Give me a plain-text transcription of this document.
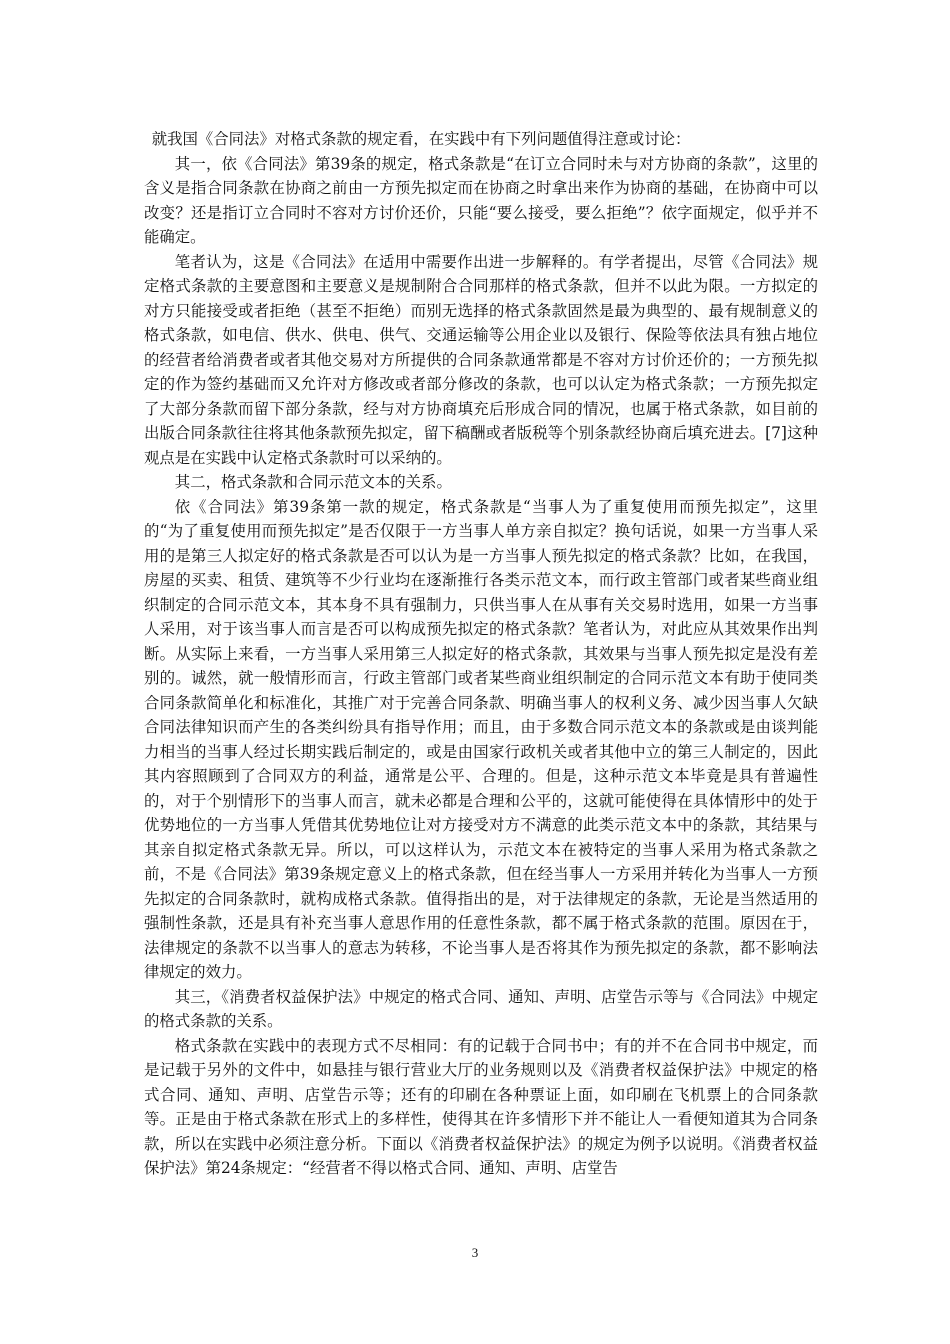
就我国《合同法》对格式条款的规定看，在实践中有下列问题值得注意或讨论：

其一，依《合同法》第39条的规定，格式条款是“在订立合同时未与对方协商的条款”，这里的含义是指合同条款在协商之前由一方预先拟定而在协商之时拿出来作为协商的基础，在协商中可以改变？还是指订立合同时不容对方讨价还价，只能“要么接受，要么拒绝”？依字面规定，似乎并不能确定。

笔者认为，这是《合同法》在适用中需要作出进一步解释的。有学者提出，尽管《合同法》规定格式条款的主要意图和主要意义是规制附合合同那样的格式条款，但并不以此为限。一方拟定的对方只能接受或者拒绝（甚至不拒绝）而别无选择的格式条款固然是最为典型的、最有规制意义的格式条款，如电信、供水、供电、供气、交通运输等公用企业以及银行、保险等依法具有独占地位的经营者给消费者或者其他交易对方所提供的合同条款通常都是不容对方讨价还价的；一方预先拟定的作为签约基础而又允许对方修改或者部分修改的条款，也可以认定为格式条款；一方预先拟定了大部分条款而留下部分条款，经与对方协商填充后形成合同的情况，也属于格式条款，如目前的出版合同条款往往将其他条款预先拟定，留下稿酬或者版税等个别条款经协商后填充进去。[7]这种观点是在实践中认定格式条款时可以采纳的。

其二，格式条款和合同示范文本的关系。

依《合同法》第39条第一款的规定，格式条款是“当事人为了重复使用而预先拟定”，这里的“为了重复使用而预先拟定”是否仅限于一方当事人单方亲自拟定？换句话说，如果一方当事人采用的是第三人拟定好的格式条款是否可以认为是一方当事人预先拟定的格式条款？比如，在我国，房屋的买卖、租赁、建筑等不少行业均在逐渐推行各类示范文本，而行政主管部门或者某些商业组织制定的合同示范文本，其本身不具有强制力，只供当事人在从事有关交易时选用，如果一方当事人采用，对于该当事人而言是否可以构成预先拟定的格式条款？笔者认为，对此应从其效果作出判断。从实际上来看，一方当事人采用第三人拟定好的格式条款，其效果与当事人预先拟定是没有差别的。诚然，就一般情形而言，行政主管部门或者某些商业组织制定的合同示范文本有助于使同类合同条款简单化和标准化，其推广对于完善合同条款、明确当事人的权利义务、减少因当事人欠缺合同法律知识而产生的各类纠纷具有指导作用；而且，由于多数合同示范文本的条款或是由谈判能力相当的当事人经过长期实践后制定的，或是由国家行政机关或者其他中立的第三人制定的，因此其内容照顾到了合同双方的利益，通常是公平、合理的。但是，这种示范文本毕竟是具有普遍性的，对于个别情形下的当事人而言，就未必都是合理和公平的，这就可能使得在具体情形中的处于优势地位的一方当事人凭借其优势地位让对方接受对方不满意的此类示范文本中的条款，其结果与其亲自拟定格式条款无异。所以，可以这样认为，示范文本在被特定的当事人采用为格式条款之前，不是《合同法》第39条规定意义上的格式条款，但在经当事人一方采用并转化为当事人一方预先拟定的合同条款时，就构成格式条款。值得指出的是，对于法律规定的条款，无论是当然适用的强制性条款，还是具有补充当事人意思作用的任意性条款，都不属于格式条款的范围。原因在于，法律规定的条款不以当事人的意志为转移，不论当事人是否将其作为预先拟定的条款，都不影响法律规定的效力。

其三，《消费者权益保护法》中规定的格式合同、通知、声明、店堂告示等与《合同法》中规定的格式条款的关系。

格式条款在实践中的表现方式不尽相同：有的记载于合同书中；有的并不在合同书中规定，而是记载于另外的文件中，如悬挂与银行营业大厅的业务规则以及《消费者权益保护法》中规定的格式合同、通知、声明、店堂告示等；还有的印刷在各种票证上面，如印刷在飞机票上的合同条款等。正是由于格式条款在形式上的多样性，使得其在许多情形下并不能让人一看便知道其为合同条款，所以在实践中必须注意分析。下面以《消费者权益保护法》的规定为例予以说明。《消费者权益保护法》第24条规定：“经营者不得以格式合同、通知、声明、店堂告

3
